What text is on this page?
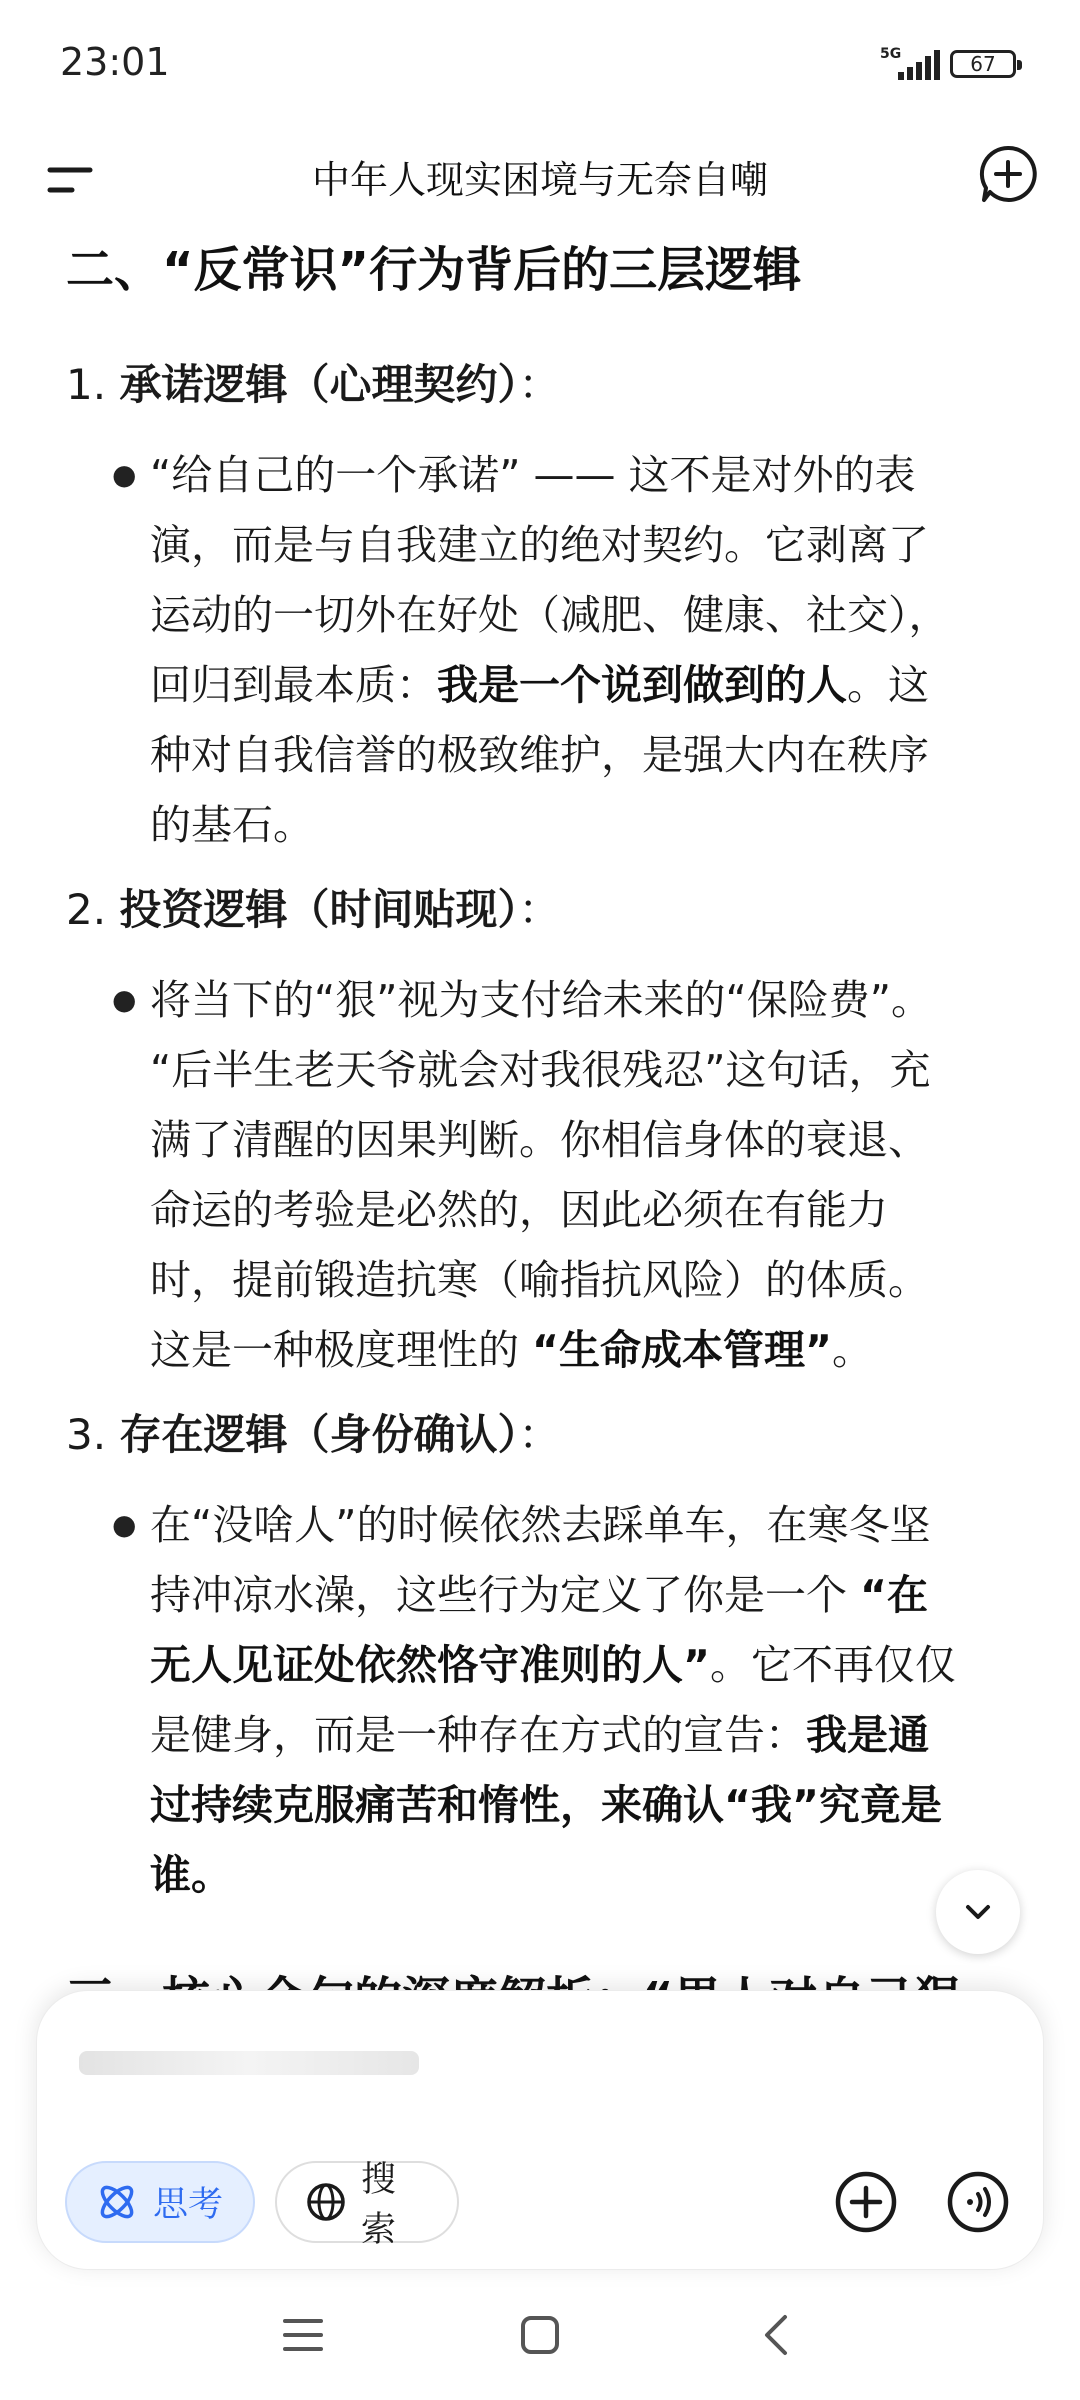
23:01	5G	67
中年人现实困境与无奈自嘲
二、“反常识”行为背后的三层逻辑
1. 承诺逻辑（心理契约）：
● “给自己的一个承诺” —— 这不是对外的表
演，而是与自我建立的绝对契约。它剥离了
运动的一切外在好处（减肥、健康、社交），
回归到最本质：我是一个说到做到的人。这
种对自我信誉的极致维护，是强大内在秩序
的基石。
2. 投资逻辑（时间贴现）：
● 将当下的“狠”视为支付给未来的“保险费”。
“后半生老天爷就会对我很残忍”这句话，充
满了清醒的因果判断。你相信身体的衰退、
命运的考验是必然的，因此必须在有能力
时，提前锻造抗寒（喻指抗风险）的体质。
这是一种极度理性的 “生命成本管理”。
3. 存在逻辑（身份确认）：
● 在“没啥人”的时候依然去踩单车，在寒冬坚
持冲凉水澡，这些行为定义了你是一个 “在
无人见证处依然恪守准则的人”。它不再仅仅
是健身，而是一种存在方式的宣告：我是通
过持续克服痛苦和惰性，来确认“我”究竟是
谁。
思考
搜索
